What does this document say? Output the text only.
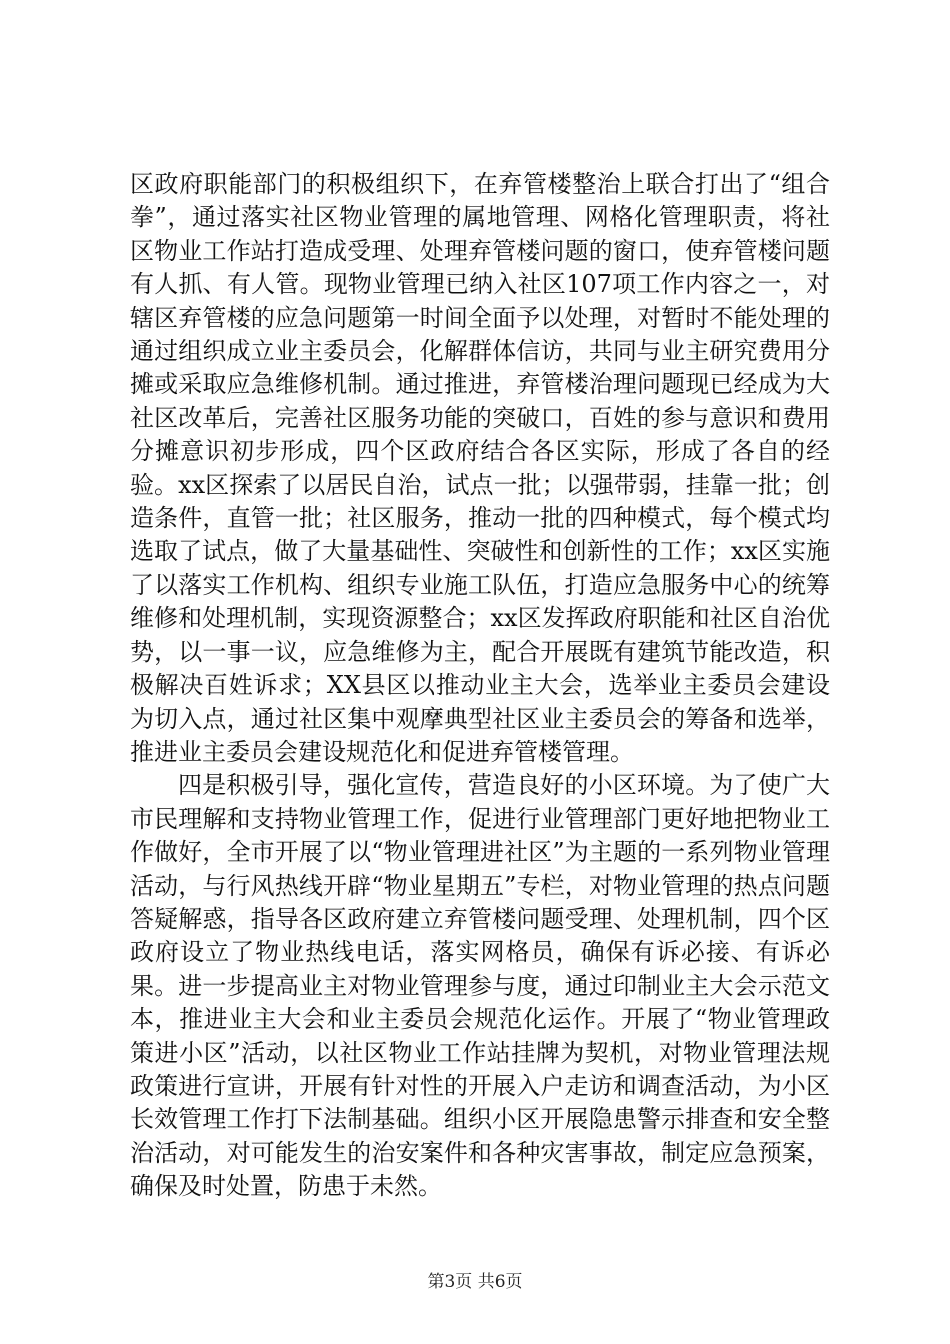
区政府职能部门的积极组织下，在弃管楼整治上联合打出了“组合拳”，通过落实社区物业管理的属地管理、网格化管理职责，将社区物业工作站打造成受理、处理弃管楼问题的窗口，使弃管楼问题有人抓、有人管。现物业管理已纳入社区107项工作内容之一，对辖区弃管楼的应急问题第一时间全面予以处理，对暂时不能处理的通过组织成立业主委员会，化解群体信访，共同与业主研究费用分摊或采取应急维修机制。通过推进，弃管楼治理问题现已经成为大社区改革后，完善社区服务功能的突破口，百姓的参与意识和费用分摊意识初步形成，四个区政府结合各区实际，形成了各自的经验。xx区探索了以居民自治，试点一批；以强带弱，挂靠一批；创造条件，直管一批；社区服务，推动一批的四种模式，每个模式均选取了试点，做了大量基础性、突破性和创新性的工作；xx区实施了以落实工作机构、组织专业施工队伍，打造应急服务中心的统筹维修和处理机制，实现资源整合；xx区发挥政府职能和社区自治优势，以一事一议，应急维修为主，配合开展既有建筑节能改造，积极解决百姓诉求；XX县区以推动业主大会，选举业主委员会建设为切入点，通过社区集中观摩典型社区业主委员会的筹备和选举，推进业主委员会建设规范化和促进弃管楼管理。

四是积极引导，强化宣传，营造良好的小区环境。为了使广大市民理解和支持物业管理工作，促进行业管理部门更好地把物业工作做好，全市开展了以“物业管理进社区”为主题的一系列物业管理活动，与行风热线开辟“物业星期五”专栏，对物业管理的热点问题答疑解惑，指导各区政府建立弃管楼问题受理、处理机制，四个区政府设立了物业热线电话，落实网格员，确保有诉必接、有诉必果。进一步提高业主对物业管理参与度，通过印制业主大会示范文本，推进业主大会和业主委员会规范化运作。开展了“物业管理政策进小区”活动，以社区物业工作站挂牌为契机，对物业管理法规政策进行宣讲，开展有针对性的开展入户走访和调查活动，为小区长效管理工作打下法制基础。组织小区开展隐患警示排查和安全整治活动，对可能发生的治安案件和各种灾害事故，制定应急预案，确保及时处置，防患于未然。

第3页 共6页
